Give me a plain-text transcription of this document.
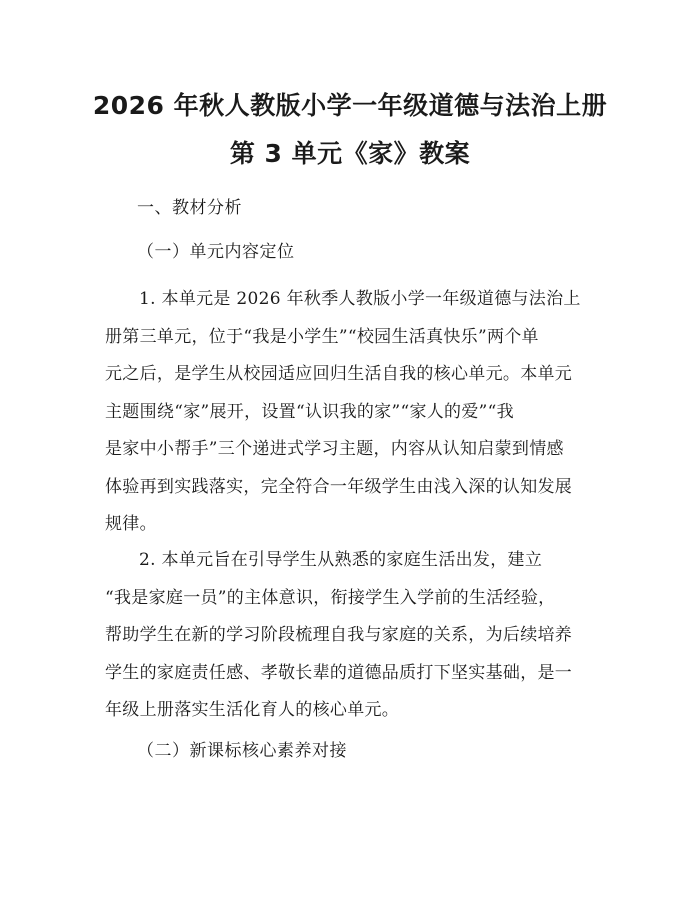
2026 年秋人教版小学一年级道德与法治上册
第 3 单元《家》教案
一、教材分析
（一）单元内容定位
1. 本单元是 2026 年秋季人教版小学一年级道德与法治上
册第三单元，位于“我是小学生”“校园生活真快乐”两个单
元之后，是学生从校园适应回归生活自我的核心单元。本单元
主题围绕“家”展开，设置“认识我的家”“家人的爱”“我
是家中小帮手”三个递进式学习主题，内容从认知启蒙到情感
体验再到实践落实，完全符合一年级学生由浅入深的认知发展
规律。
2. 本单元旨在引导学生从熟悉的家庭生活出发，建立
“我是家庭一员”的主体意识，衔接学生入学前的生活经验，
帮助学生在新的学习阶段梳理自我与家庭的关系，为后续培养
学生的家庭责任感、孝敬长辈的道德品质打下坚实基础，是一
年级上册落实生活化育人的核心单元。
（二）新课标核心素养对接
